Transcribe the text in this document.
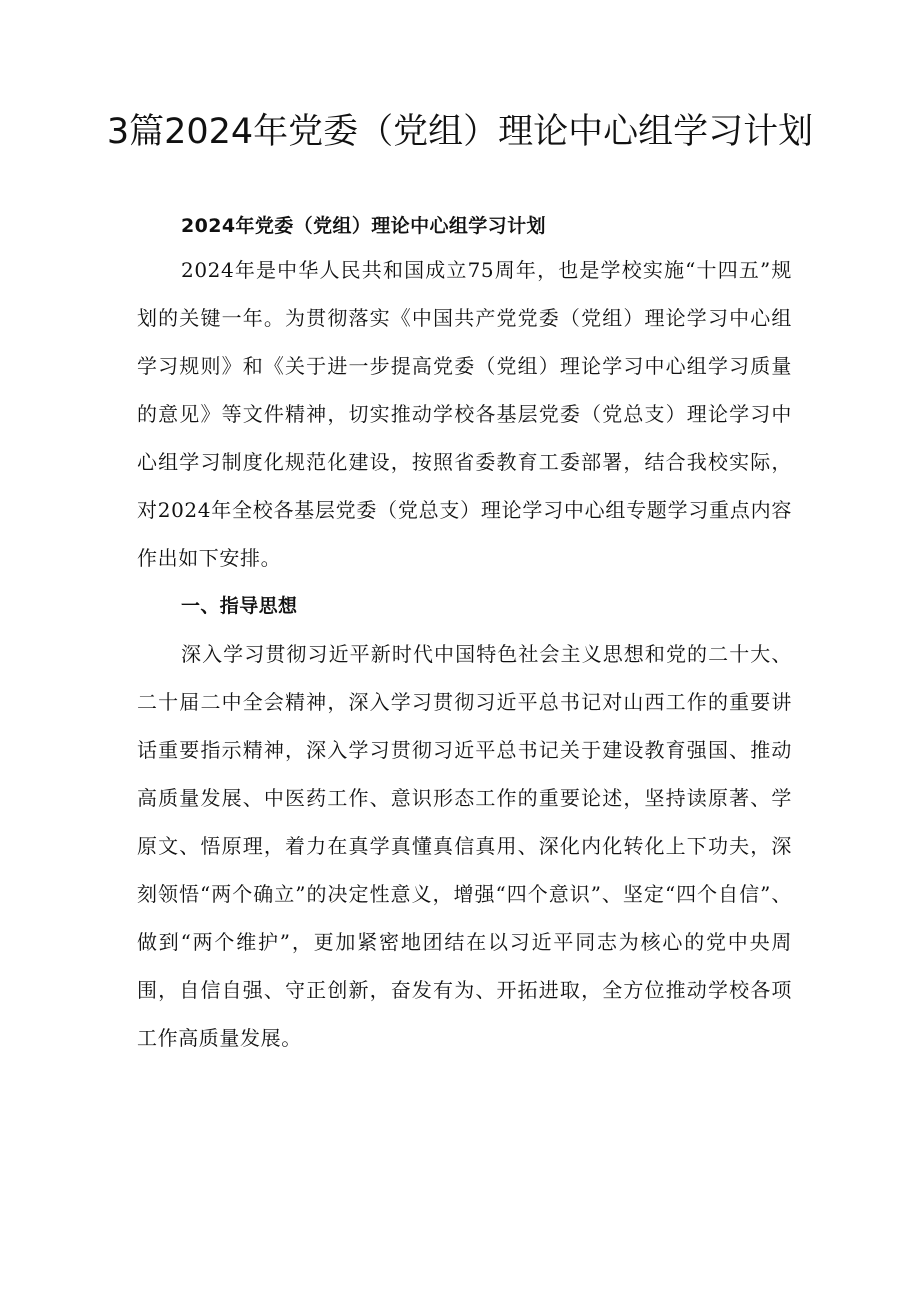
3篇2024年党委（党组）理论中心组学习计划

2024年党委（党组）理论中心组学习计划

2024年是中华人民共和国成立75周年，也是学校实施“十四五”规划的关键一年。为贯彻落实《中国共产党党委（党组）理论学习中心组学习规则》和《关于进一步提高党委（党组）理论学习中心组学习质量的意见》等文件精神，切实推动学校各基层党委（党总支）理论学习中心组学习制度化规范化建设，按照省委教育工委部署，结合我校实际，对2024年全校各基层党委（党总支）理论学习中心组专题学习重点内容作出如下安排。

一、指导思想

深入学习贯彻习近平新时代中国特色社会主义思想和党的二十大、二十届二中全会精神，深入学习贯彻习近平总书记对山西工作的重要讲话重要指示精神，深入学习贯彻习近平总书记关于建设教育强国、推动高质量发展、中医药工作、意识形态工作的重要论述，坚持读原著、学原文、悟原理，着力在真学真懂真信真用、深化内化转化上下功夫，深刻领悟“两个确立”的决定性意义，增强“四个意识”、坚定“四个自信”、做到“两个维护”，更加紧密地团结在以习近平同志为核心的党中央周围，自信自强、守正创新，奋发有为、开拓进取，全方位推动学校各项工作高质量发展。
